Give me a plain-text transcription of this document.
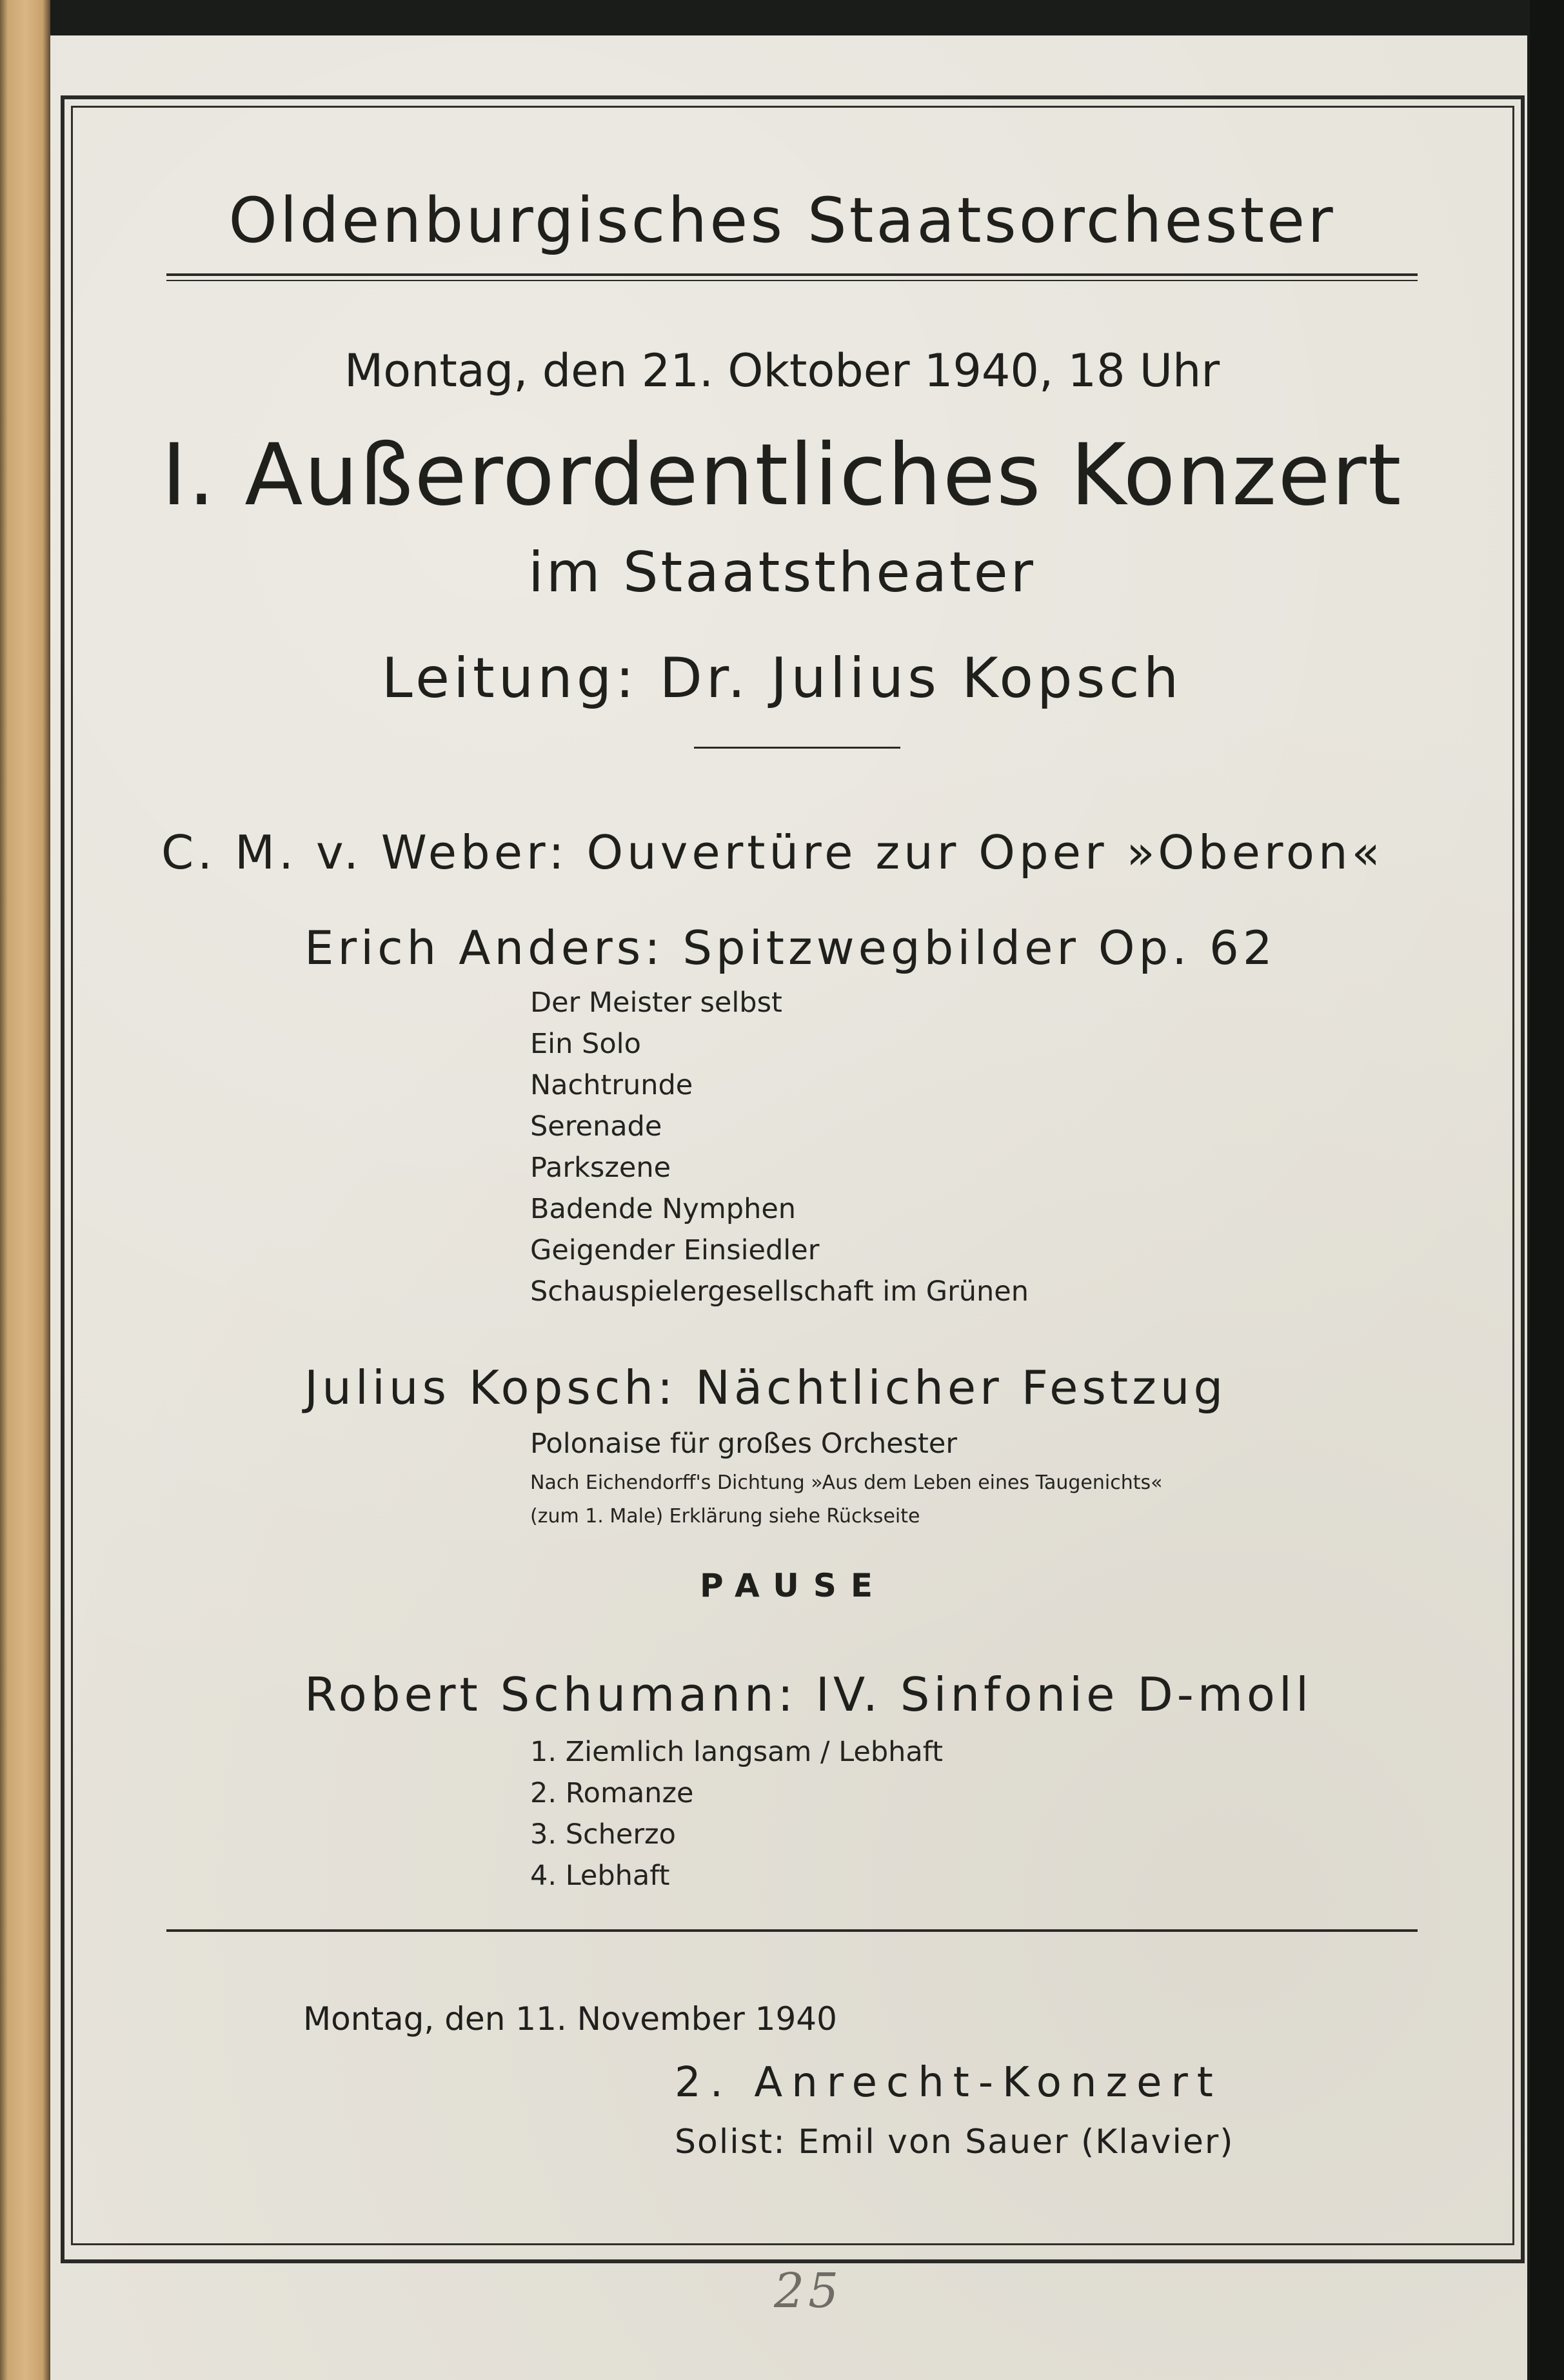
Oldenburgisches Staatsorchester
Montag, den 21. Oktober 1940, 18 Uhr
I. Außerordentliches Konzert
im Staatstheater
Leitung: Dr. Julius Kopsch
C. M. v. Weber: Ouvertüre zur Oper »Oberon«
Erich Anders: Spitzwegbilder Op. 62
Der Meister selbst
Ein Solo
Nachtrunde
Serenade
Parkszene
Badende Nymphen
Geigender Einsiedler
Schauspielergesellschaft im Grünen
Julius Kopsch: Nächtlicher Festzug
Polonaise für großes Orchester
Nach Eichendorff's Dichtung »Aus dem Leben eines Taugenichts«
(zum 1. Male) Erklärung siehe Rückseite
PAUSE
Robert Schumann: IV. Sinfonie D-moll
1. Ziemlich langsam / Lebhaft
2. Romanze
3. Scherzo
4. Lebhaft
Montag, den 11. November 1940
2. Anrecht-Konzert
Solist: Emil von Sauer (Klavier)
25
